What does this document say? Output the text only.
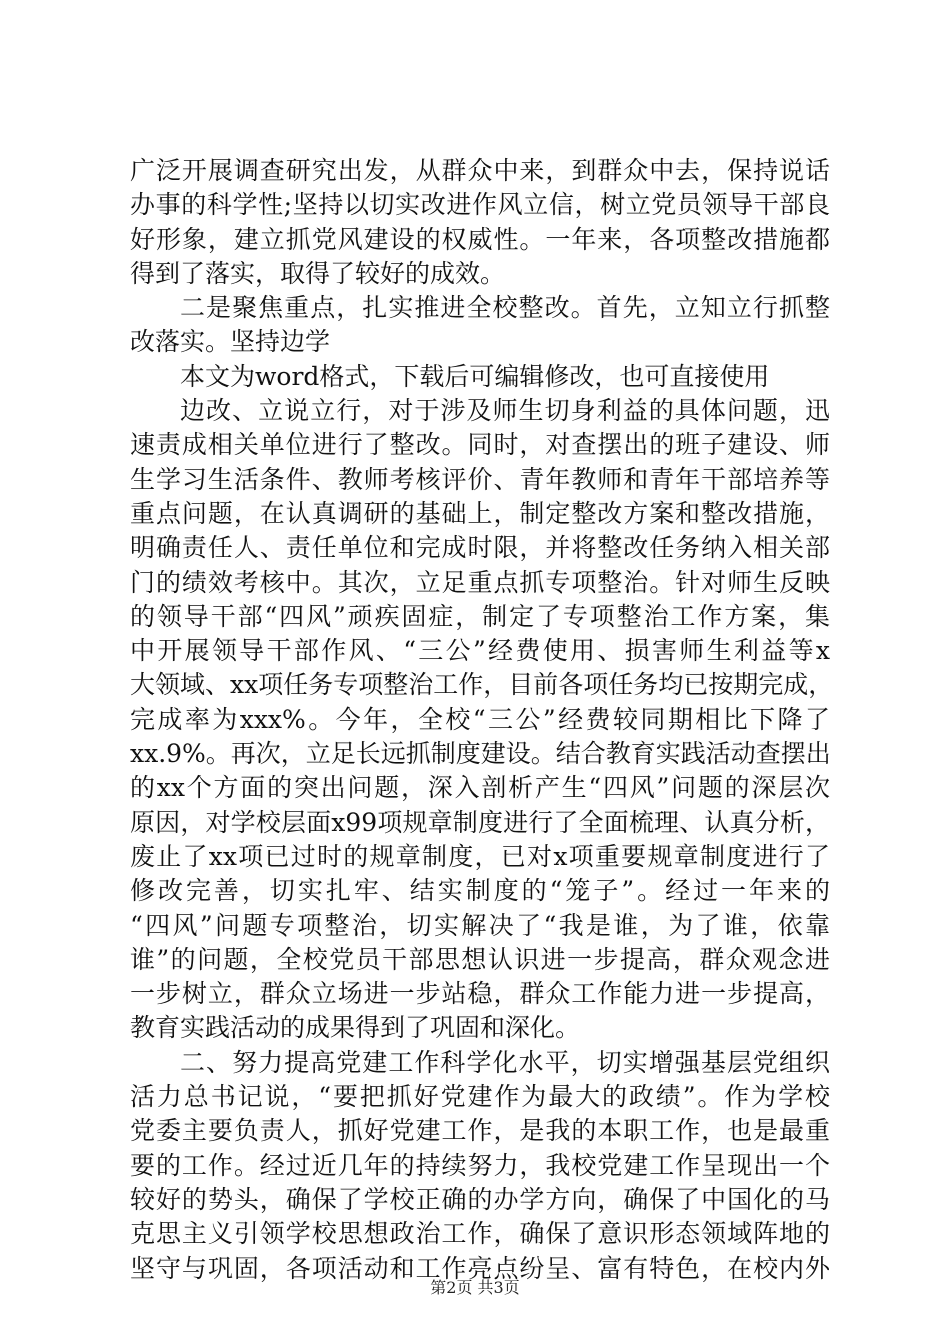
广泛开展调查研究出发，从群众中来，到群众中去，保持说话
办事的科学性;坚持以切实改进作风立信，树立党员领导干部良
好形象，建立抓党风建设的权威性。一年来，各项整改措施都
得到了落实，取得了较好的成效。
二是聚焦重点，扎实推进全校整改。首先，立知立行抓整
改落实。坚持边学
本文为word格式，下载后可编辑修改，也可直接使用
边改、立说立行，对于涉及师生切身利益的具体问题，迅
速责成相关单位进行了整改。同时，对查摆出的班子建设、师
生学习生活条件、教师考核评价、青年教师和青年干部培养等
重点问题，在认真调研的基础上，制定整改方案和整改措施，
明确责任人、责任单位和完成时限，并将整改任务纳入相关部
门的绩效考核中。其次，立足重点抓专项整治。针对师生反映
的领导干部“四风”顽疾固症，制定了专项整治工作方案，集
中开展领导干部作风、“三公”经费使用、损害师生利益等x
大领域、xx项任务专项整治工作，目前各项任务均已按期完成，
完成率为xxx%。今年，全校“三公”经费较同期相比下降了
xx.9%。再次，立足长远抓制度建设。结合教育实践活动查摆出
的xx个方面的突出问题，深入剖析产生“四风”问题的深层次
原因，对学校层面x99项规章制度进行了全面梳理、认真分析，
废止了xx项已过时的规章制度，已对x项重要规章制度进行了
修改完善，切实扎牢、结实制度的“笼子”。经过一年来的
“四风”问题专项整治，切实解决了“我是谁，为了谁，依靠
谁”的问题，全校党员干部思想认识进一步提高，群众观念进
一步树立，群众立场进一步站稳，群众工作能力进一步提高，
教育实践活动的成果得到了巩固和深化。
二、努力提高党建工作科学化水平，切实增强基层党组织
活力总书记说，“要把抓好党建作为最大的政绩”。作为学校
党委主要负责人，抓好党建工作，是我的本职工作，也是最重
要的工作。经过近几年的持续努力，我校党建工作呈现出一个
较好的势头，确保了学校正确的办学方向，确保了中国化的马
克思主义引领学校思想政治工作，确保了意识形态领域阵地的
坚守与巩固，各项活动和工作亮点纷呈、富有特色，在校内外
第2页 共3页
